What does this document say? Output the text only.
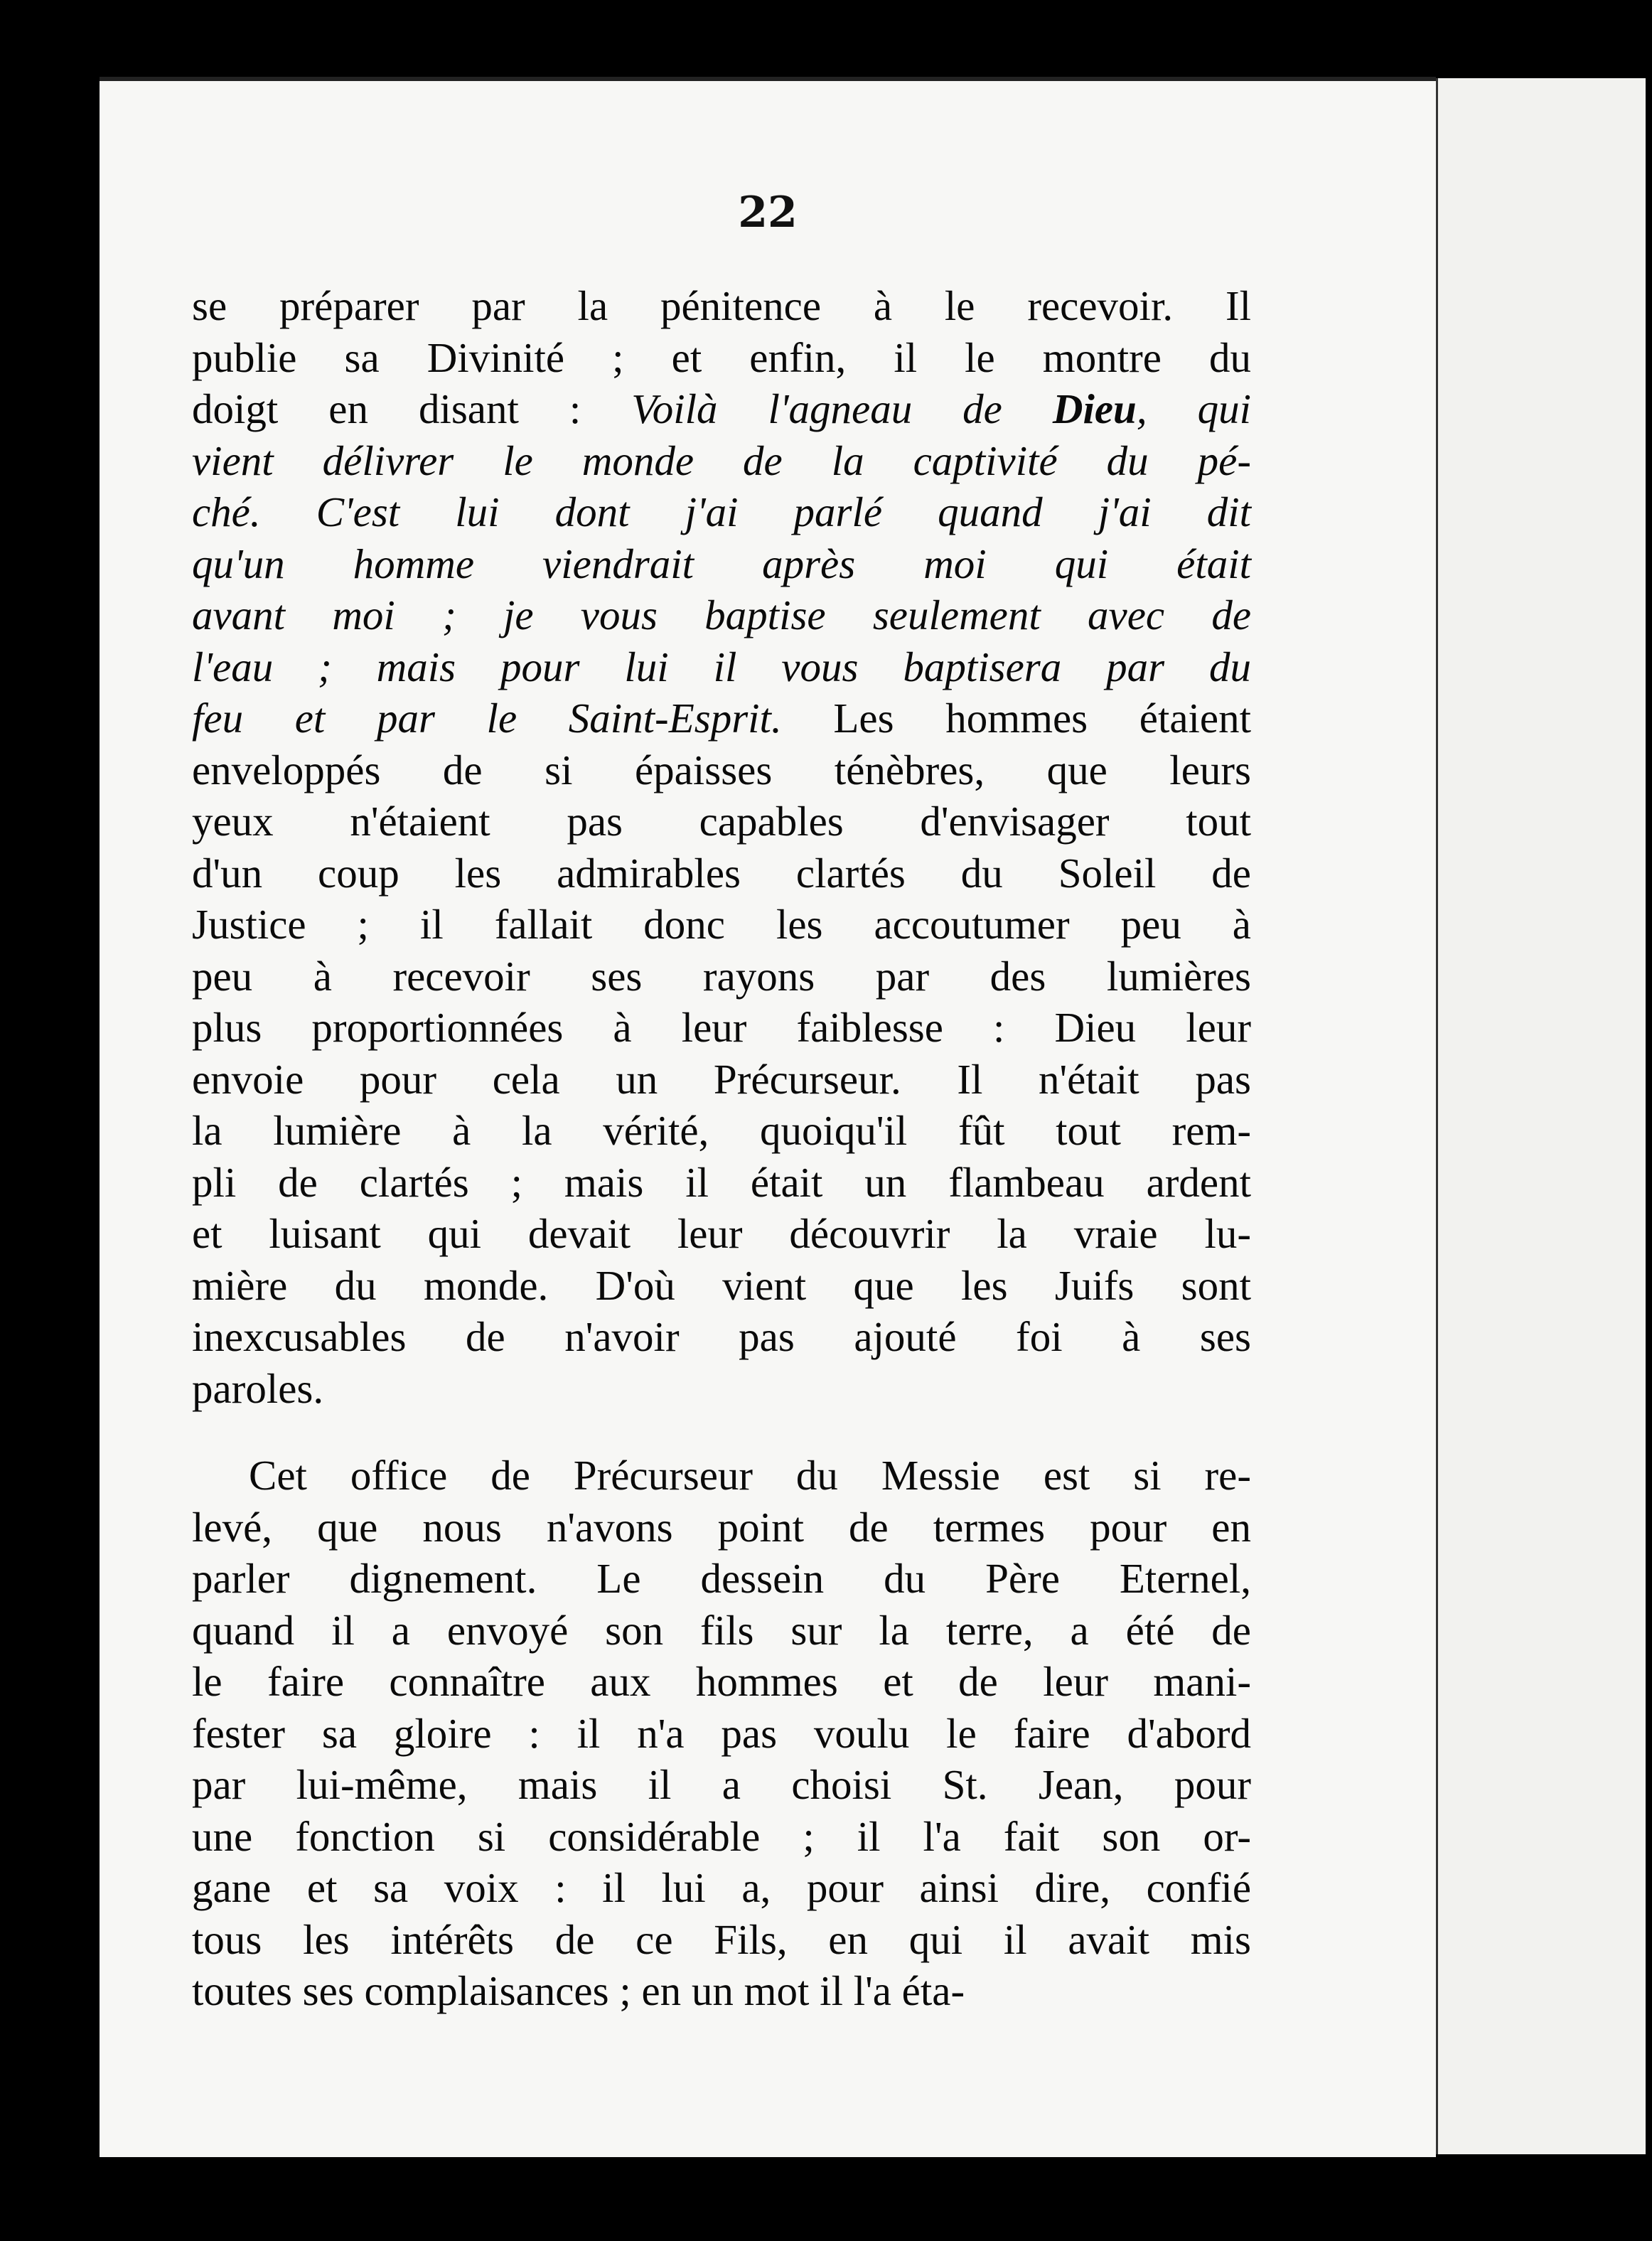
22
se préparer par la pénitence à le recevoir. Il
publie sa Divinité ; et enfin, il le montre du
doigt en disant : Voilà l'agneau de Dieu, qui
vient délivrer le monde de la captivité du pé-
ché. C'est lui dont j'ai parlé quand j'ai dit
qu'un homme viendrait après moi qui était
avant moi ; je vous baptise seulement avec de
l'eau ; mais pour lui il vous baptisera par du
feu et par le Saint-Esprit. Les hommes étaient
enveloppés de si épaisses ténèbres, que leurs
yeux n'étaient pas capables d'envisager tout
d'un coup les admirables clartés du Soleil de
Justice ; il fallait donc les accoutumer peu à
peu à recevoir ses rayons par des lumières
plus proportionnées à leur faiblesse : Dieu leur
envoie pour cela un Précurseur. Il n'était pas
la lumière à la vérité, quoiqu'il fût tout rem-
pli de clartés ; mais il était un flambeau ardent
et luisant qui devait leur découvrir la vraie lu-
mière du monde. D'où vient que les Juifs sont
inexcusables de n'avoir pas ajouté foi à ses
paroles.
Cet office de Précurseur du Messie est si re-
levé, que nous n'avons point de termes pour en
parler dignement. Le dessein du Père Eternel,
quand il a envoyé son fils sur la terre, a été de
le faire connaître aux hommes et de leur mani-
fester sa gloire : il n'a pas voulu le faire d'abord
par lui-même, mais il a choisi St. Jean, pour
une fonction si considérable ; il l'a fait son or-
gane et sa voix : il lui a, pour ainsi dire, confié
tous les intérêts de ce Fils, en qui il avait mis
toutes ses complaisances ; en un mot il l'a éta-
